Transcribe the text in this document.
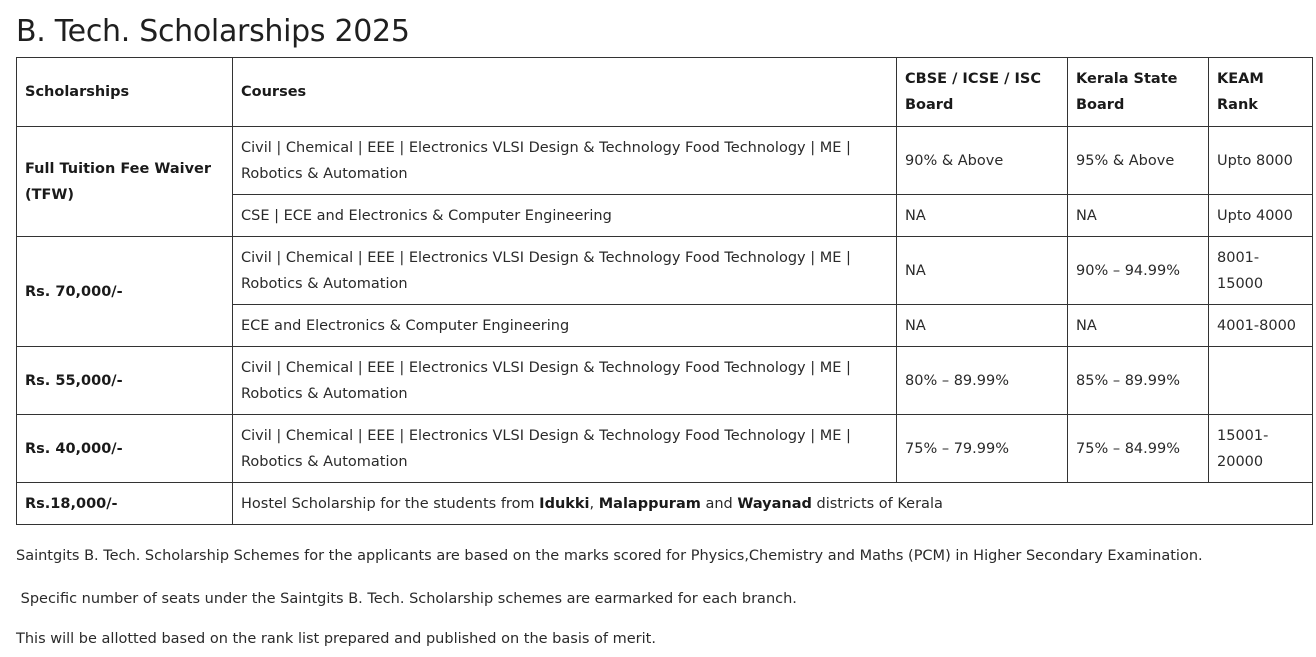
B. Tech. Scholarships 2025
Scholarships	Courses	CBSE / ICSE / ISC Board	Kerala State Board	KEAM Rank
Full Tuition Fee Waiver (TFW)	Civil | Chemical | EEE | Electronics VLSI Design & Technology Food Technology | ME | Robotics & Automation	90% & Above	95% & Above	Upto 8000
	CSE | ECE and Electronics & Computer Engineering	NA	NA	Upto 4000
Rs. 70,000/-	Civil | Chemical | EEE | Electronics VLSI Design & Technology Food Technology | ME | Robotics & Automation	NA	90% – 94.99%	8001-15000
	ECE and Electronics & Computer Engineering	NA	NA	4001-8000
Rs. 55,000/-	Civil | Chemical | EEE | Electronics VLSI Design & Technology Food Technology | ME | Robotics & Automation	80% – 89.99%	85% – 89.99%	
Rs. 40,000/-	Civil | Chemical | EEE | Electronics VLSI Design & Technology Food Technology | ME | Robotics & Automation	75% – 79.99%	75% – 84.99%	15001-20000
Rs.18,000/-	Hostel Scholarship for the students from Idukki, Malappuram and Wayanad districts of Kerala			

Saintgits B. Tech. Scholarship Schemes for the applicants are based on the marks scored for Physics,Chemistry and Maths (PCM) in Higher Secondary Examination.

Specific number of seats under the Saintgits B. Tech. Scholarship schemes are earmarked for each branch.

This will be allotted based on the rank list prepared and published on the basis of merit.
